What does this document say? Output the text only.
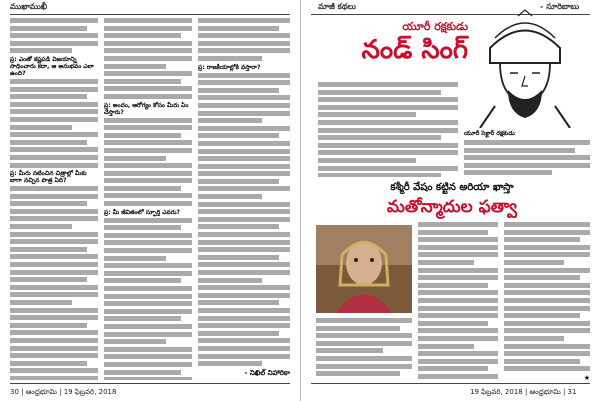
ముఖాముఖీ
ప్ర: ఎంతో కష్టపడి విజయాన్ని సాధించారు కదా, ఆ అనుభవం ఎలా ఉంది?
ప్ర: మీరు నటించిన చిత్రాల్లో మీకు బాగా నచ్చిన పాత్ర ఏది?
ప్ర: అందం, ఆరోగ్యం కోసం మీరు ఏం చేస్తారు?
ప్ర: మీ జీవితంలో స్ఫూర్తి ఎవరు?
ప్ర: రాజకీయాల్లోకి వస్తారా?
- నిఖిల్ నిహారికా
30 | ఆంధ్రభూమి | 19 ఫిబ్రవరి, 2018
మాజీ కథలు	- సూరిబాబు
యూరీ రక్షకుడు
నండ్ సింగ్
యూరీ సెక్టార్ రక్షకుడు
కశ్మీరీ వేషం కట్టిన అరియా ఖాస్తా
మతోన్మాదుల ఫత్వా
★
19 ఫిబ్రవరి, 2018 | ఆంధ్రభూమి | 31
